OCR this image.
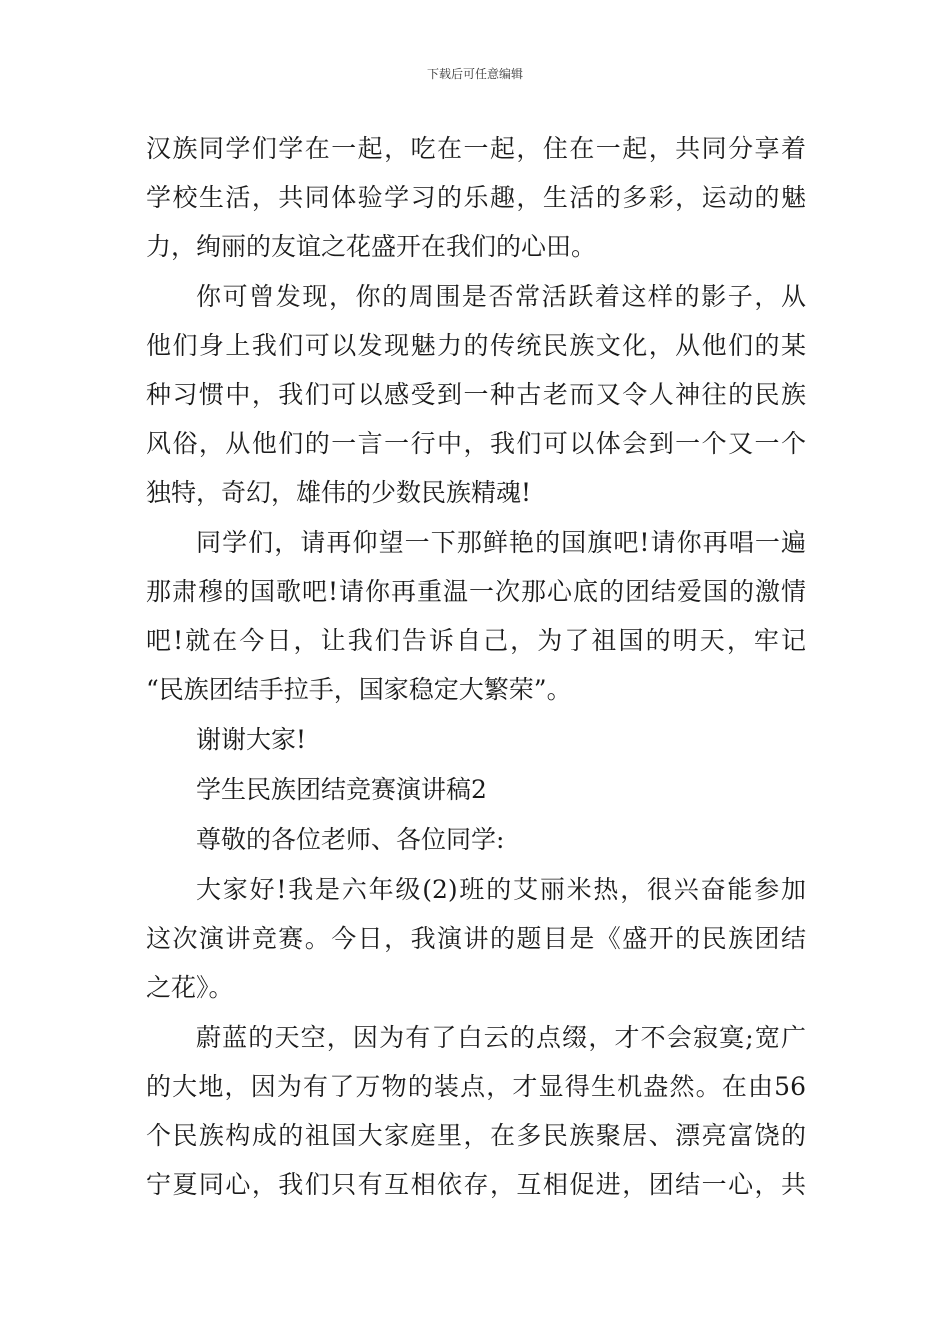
下载后可任意编辑
汉族同学们学在一起，吃在一起，住在一起，共同分享着
学校生活，共同体验学习的乐趣，生活的多彩，运动的魅
力，绚丽的友谊之花盛开在我们的心田。
你可曾发现，你的周围是否常活跃着这样的影子，从
他们身上我们可以发现魅力的传统民族文化，从他们的某
种习惯中，我们可以感受到一种古老而又令人神往的民族
风俗，从他们的一言一行中，我们可以体会到一个又一个
独特，奇幻，雄伟的少数民族精魂!
同学们，请再仰望一下那鲜艳的国旗吧!请你再唱一遍
那肃穆的国歌吧!请你再重温一次那心底的团结爱国的激情
吧!就在今日，让我们告诉自己，为了祖国的明天，牢记
“民族团结手拉手，国家稳定大繁荣”。
谢谢大家!
学生民族团结竞赛演讲稿2
尊敬的各位老师、各位同学:
大家好!我是六年级(2)班的艾丽米热，很兴奋能参加
这次演讲竞赛。今日，我演讲的题目是《盛开的民族团结
之花》。
蔚蓝的天空，因为有了白云的点缀，才不会寂寞;宽广
的大地，因为有了万物的装点，才显得生机盎然。在由56
个民族构成的祖国大家庭里，在多民族聚居、漂亮富饶的
宁夏同心，我们只有互相依存，互相促进，团结一心，共
